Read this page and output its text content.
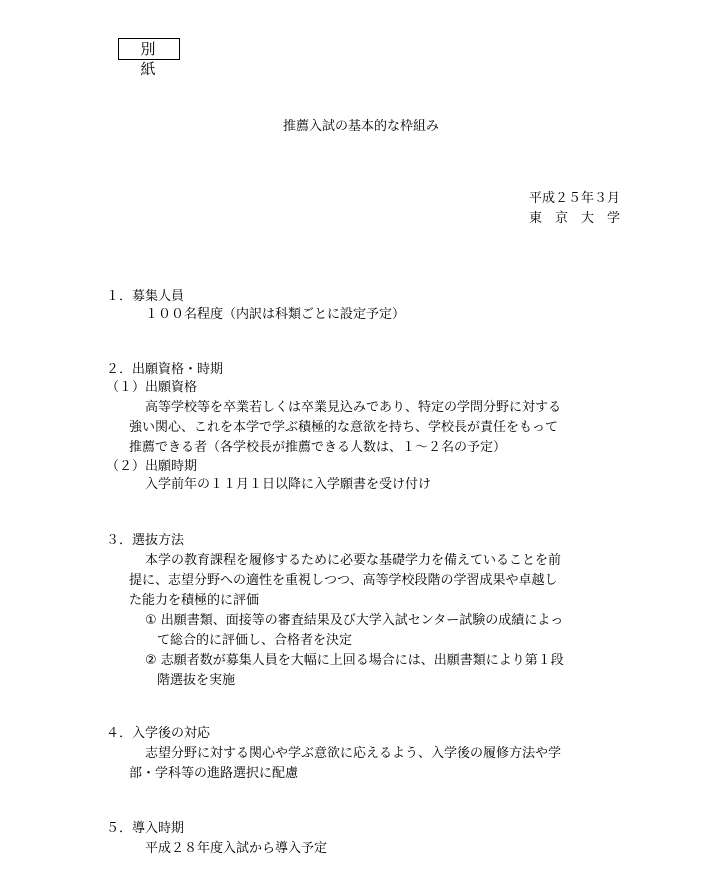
別　紙
推薦入試の基本的な枠組み
平成２５年３月
東　京　大　学
１．募集人員
１００名程度（内訳は科類ごとに設定予定）
２．出願資格・時期
（１）出願資格
高等学校等を卒業若しくは卒業見込みであり、特定の学問分野に対する
強い関心、これを本学で学ぶ積極的な意欲を持ち、学校長が責任をもって
推薦できる者（各学校長が推薦できる人数は、１～２名の予定）
（２）出願時期
入学前年の１１月１日以降に入学願書を受け付け
３．選抜方法
本学の教育課程を履修するために必要な基礎学力を備えていることを前
提に、志望分野への適性を重視しつつ、高等学校段階の学習成果や卓越し
た能力を積極的に評価
① 出願書類、面接等の審査結果及び大学入試センター試験の成績によっ
て総合的に評価し、合格者を決定
② 志願者数が募集人員を大幅に上回る場合には、出願書類により第１段
階選抜を実施
４．入学後の対応
志望分野に対する関心や学ぶ意欲に応えるよう、入学後の履修方法や学
部・学科等の進路選択に配慮
５．導入時期
平成２８年度入試から導入予定
